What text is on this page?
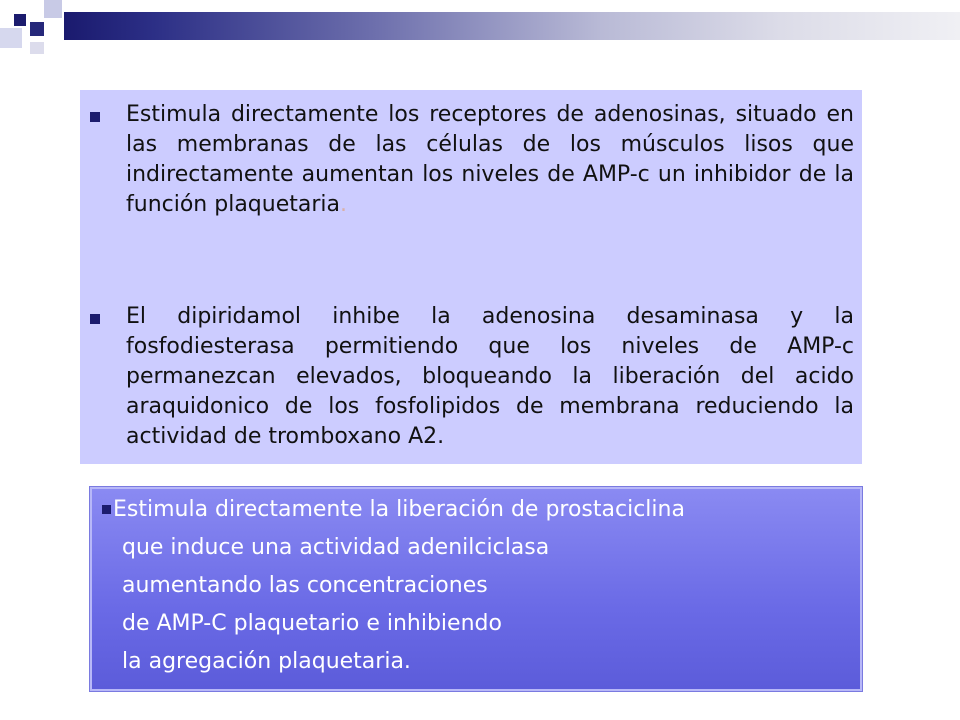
Estimula directamente los receptores de adenosinas, situado en las membranas de las células de los músculos lisos que indirectamente aumentan los niveles de AMP-c un inhibidor de la función plaquetaria.
El dipiridamol inhibe la adenosina desaminasa y la fosfodiesterasa permitiendo que los niveles de AMP-c permanezcan elevados, bloqueando la liberación del acido araquidonico de los fosfolipidos de membrana reduciendo la actividad de tromboxano A2.
Estimula directamente la liberación de prostaciclina
que induce una actividad adenilciclasa
aumentando las concentraciones
de AMP-C plaquetario e inhibiendo
la agregación plaquetaria.
